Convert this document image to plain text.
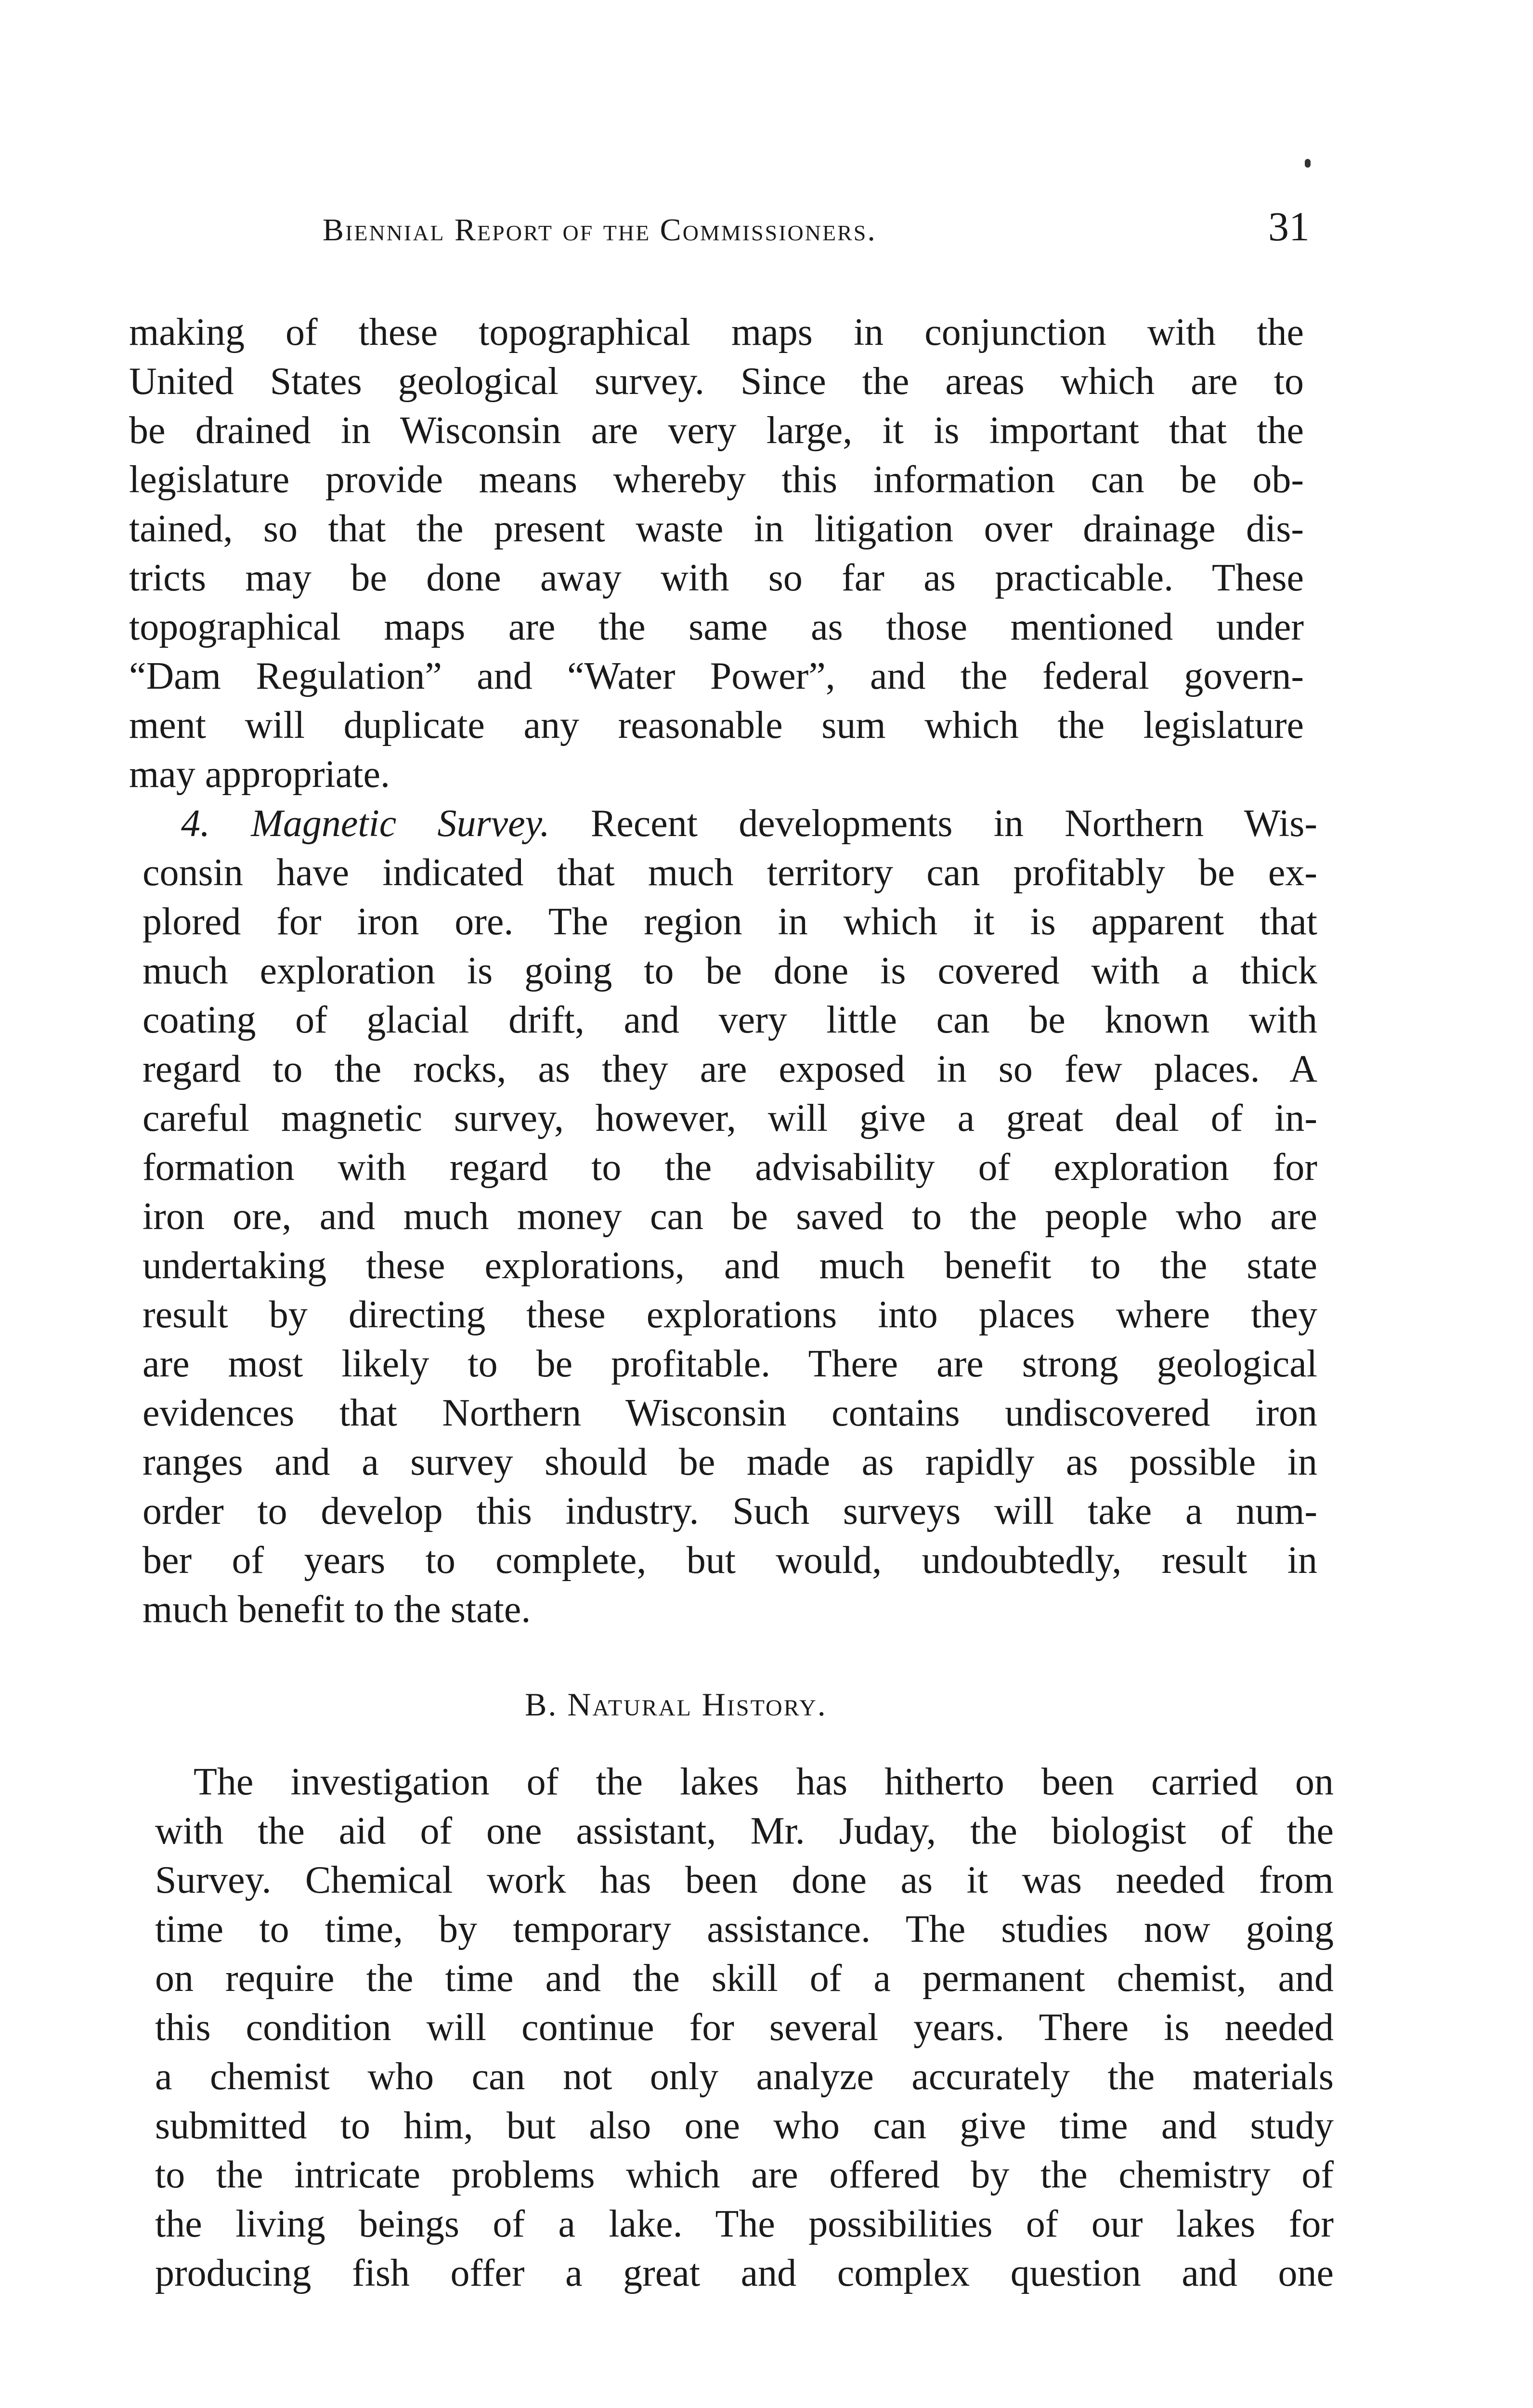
Biennial Report of the Commissioners.	31
making of these topographical maps in conjunction with the
United States geological survey. Since the areas which are to
be drained in Wisconsin are very large, it is important that the
legislature provide means whereby this information can be ob-
tained, so that the present waste in litigation over drainage dis-
tricts may be done away with so far as practicable. These
topographical maps are the same as those mentioned under
“Dam Regulation” and “Water Power”, and the federal govern-
ment will duplicate any reasonable sum which the legislature
may appropriate.
4. Magnetic Survey. Recent developments in Northern Wis-
consin have indicated that much territory can profitably be ex-
plored for iron ore. The region in which it is apparent that
much exploration is going to be done is covered with a thick
coating of glacial drift, and very little can be known with
regard to the rocks, as they are exposed in so few places. A
careful magnetic survey, however, will give a great deal of in-
formation with regard to the advisability of exploration for
iron ore, and much money can be saved to the people who are
undertaking these explorations, and much benefit to the state
result by directing these explorations into places where they
are most likely to be profitable. There are strong geological
evidences that Northern Wisconsin contains undiscovered iron
ranges and a survey should be made as rapidly as possible in
order to develop this industry. Such surveys will take a num-
ber of years to complete, but would, undoubtedly, result in
much benefit to the state.
B. Natural History.
The investigation of the lakes has hitherto been carried on
with the aid of one assistant, Mr. Juday, the biologist of the
Survey. Chemical work has been done as it was needed from
time to time, by temporary assistance. The studies now going
on require the time and the skill of a permanent chemist, and
this condition will continue for several years. There is needed
a chemist who can not only analyze accurately the materials
submitted to him, but also one who can give time and study
to the intricate problems which are offered by the chemistry of
the living beings of a lake. The possibilities of our lakes for
producing fish offer a great and complex question and one
